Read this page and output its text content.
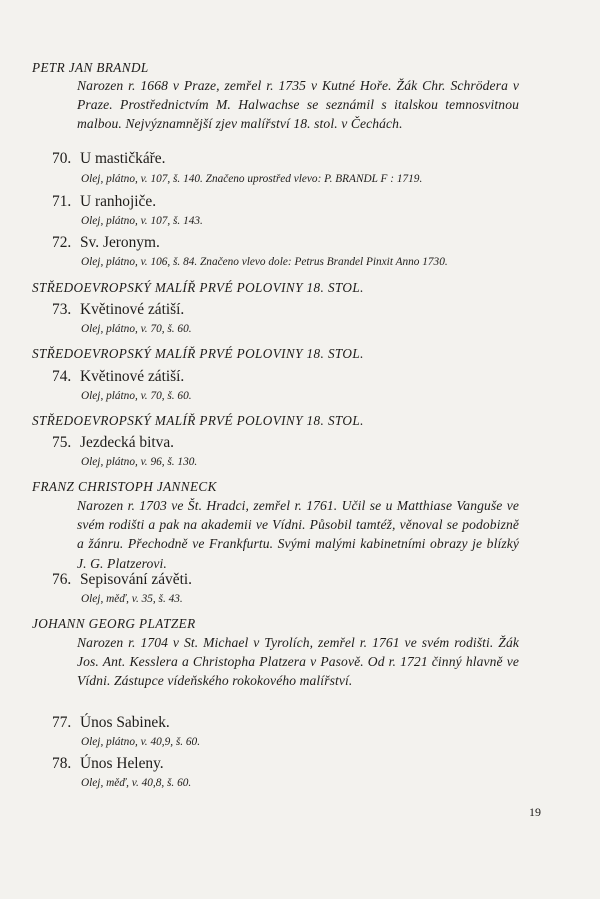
PETR JAN BRANDL
Narozen r. 1668 v Praze, zemřel r. 1735 v Kutné Hoře. Žák Chr. Schrödera v Praze. Prostřednictvím M. Halwachse se seznámil s italskou temnosvitnou malbou. Nejvýznamnější zjev malířství 18. stol. v Čechách.
70. U mastičkáře.
Olej, plátno, v. 107, š. 140. Značeno uprostřed vlevo: P. BRANDL F : 1719.
71. U ranhojiče.
Olej, plátno, v. 107, š. 143.
72. Sv. Jeronym.
Olej, plátno, v. 106, š. 84. Značeno vlevo dole: Petrus Brandel Pinxit Anno 1730.
STŘEDOEVROPSKÝ MALÍŘ PRVÉ POLOVINY 18. STOL.
73. Květinové zátiší.
Olej, plátno, v. 70, š. 60.
STŘEDOEVROPSKÝ MALÍŘ PRVÉ POLOVINY 18. STOL.
74. Květinové zátiší.
Olej, plátno, v. 70, š. 60.
STŘEDOEVROPSKÝ MALÍŘ PRVÉ POLOVINY 18. STOL.
75. Jezdecká bitva.
Olej, plátno, v. 96, š. 130.
FRANZ CHRISTOPH JANNECK
Narozen r. 1703 ve Št. Hradci, zemřel r. 1761. Učil se u Matthiase Vanguše ve svém rodišti a pak na akademii ve Vídni. Působil tamtéž, věnoval se podobizně a žánru. Přechodně ve Frankfurtu. Svými malými kabinetními obrazy je blízký J. G. Platzerovi.
76. Sepisování závěti.
Olej, měď, v. 35, š. 43.
JOHANN GEORG PLATZER
Narozen r. 1704 v St. Michael v Tyrolích, zemřel r. 1761 ve svém rodišti. Žák Jos. Ant. Kesslera a Christopha Platzera v Pasově. Od r. 1721 činný hlavně ve Vídni. Zástupce vídeňského rokokového malířství.
77. Únos Sabinek.
Olej, plátno, v. 40,9, š. 60.
78. Únos Heleny.
Olej, měď, v. 40,8, š. 60.
19
